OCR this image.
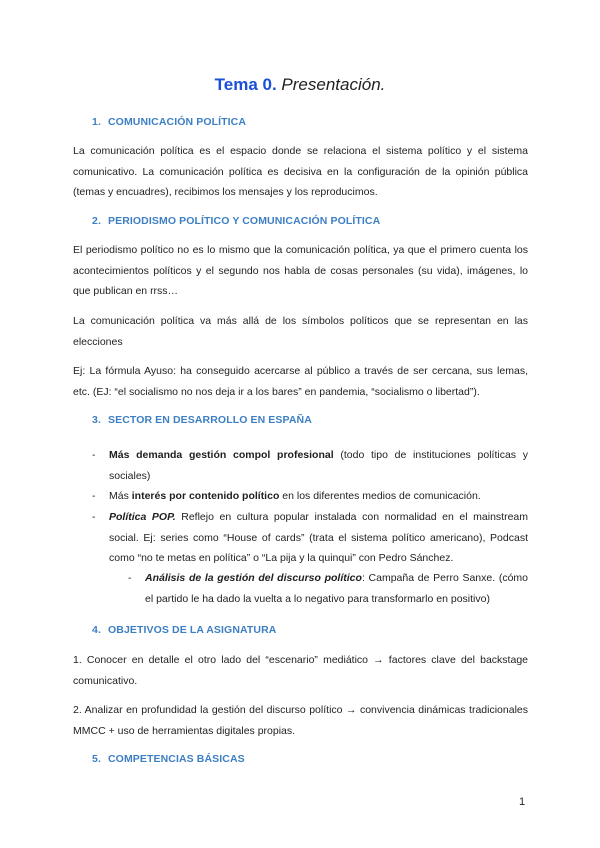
Tema 0. Presentación.
1. COMUNICACIÓN POLÍTICA
La comunicación política es el espacio donde se relaciona el sistema político y el sistema comunicativo. La comunicación política es decisiva en la configuración de la opinión pública (temas y encuadres), recibimos los mensajes y los reproducimos.
2. PERIODISMO POLÍTICO Y COMUNICACIÓN POLÍTICA
El periodismo político no es lo mismo que la comunicación política, ya que el primero cuenta los acontecimientos políticos y el segundo nos habla de cosas personales (su vida), imágenes, lo que publican en rrss…
La comunicación política va más allá de los símbolos políticos que se representan en las elecciones
Ej: La fórmula Ayuso: ha conseguido acercarse al público a través de ser cercana, sus lemas, etc. (EJ: “el socialismo no nos deja ir a los bares” en pandemia, “socialismo o libertad”).
3. SECTOR EN DESARROLLO EN ESPAÑA
- Más demanda gestión compol profesional (todo tipo de instituciones políticas y sociales)
- Más interés por contenido político en los diferentes medios de comunicación.
- Política POP. Reflejo en cultura popular instalada con normalidad en el mainstream social. Ej: series como “House of cards” (trata el sistema político americano), Podcast como “no te metas en política” o “La pija y la quinqui” con Pedro Sánchez.
- Análisis de la gestión del discurso político: Campaña de Perro Sanxe. (cómo el partido le ha dado la vuelta a lo negativo para transformarlo en positivo)
4. OBJETIVOS DE LA ASIGNATURA
1. Conocer en detalle el otro lado del “escenario” mediático → factores clave del backstage comunicativo.
2. Analizar en profundidad la gestión del discurso político → convivencia dinámicas tradicionales MMCC + uso de herramientas digitales propias.
5. COMPETENCIAS BÁSICAS
1
